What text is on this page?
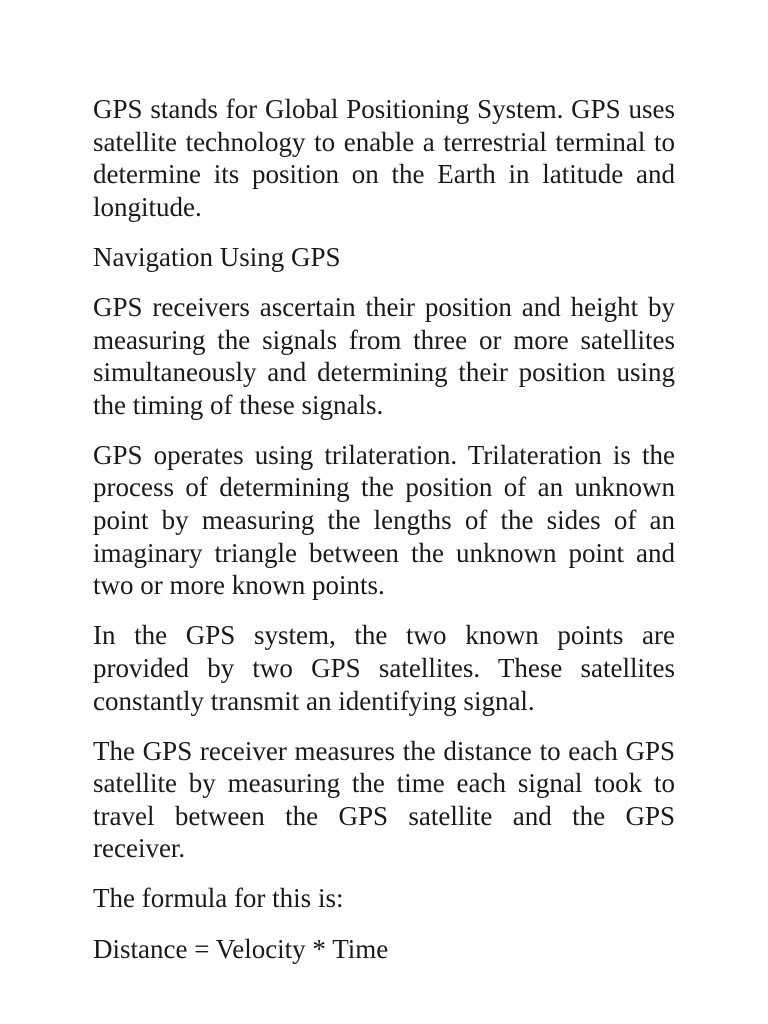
GPS stands for Global Positioning System. GPS uses satellite technology to enable a terrestrial terminal to determine its position on the Earth in latitude and longitude.

Navigation Using GPS

GPS receivers ascertain their position and height by measuring the signals from three or more satellites simultaneously and determining their position using the timing of these signals.

GPS operates using trilateration. Trilateration is the process of determining the position of an unknown point by measuring the lengths of the sides of an imaginary triangle between the unknown point and two or more known points.

In the GPS system, the two known points are provided by two GPS satellites. These satellites constantly transmit an identifying signal.

The GPS receiver measures the distance to each GPS satellite by measuring the time each signal took to travel between the GPS satellite and the GPS receiver.

The formula for this is:

Distance = Velocity * Time
